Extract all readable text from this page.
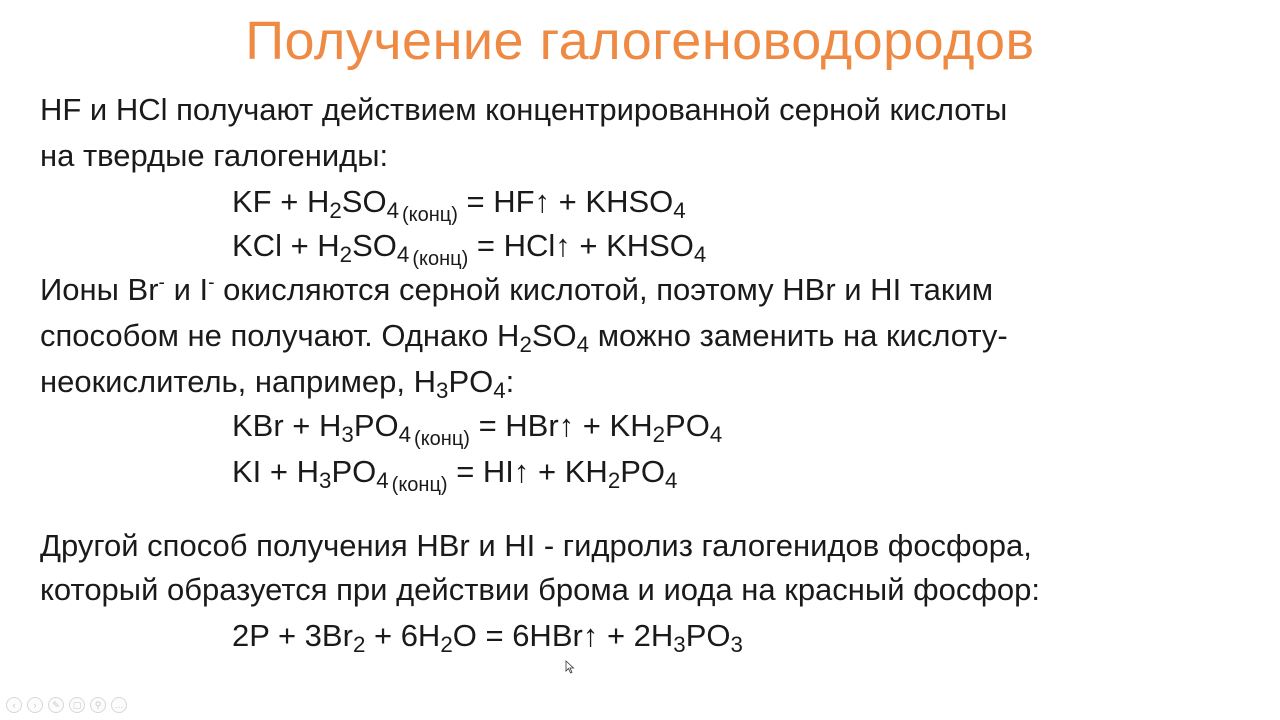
Получение галогеноводородов
HF и HCl получают действием концентрированной серной кислоты
на твердые галогениды:
KF + $H_2SO_4$ $_{(конц)}$ = HF↑ + $KHSO_4$
KCl + $H_2SO_4$ $_{(конц)}$ = HCl↑ + $KHSO_4$
Ионы Br- и I- окисляются серной кислотой, поэтому HBr и HI таким
способом не получают. Однако $H_2SO_4$ можно заменить на кислоту-
неокислитель, например, $H_3PO_4$:
KBr + $H_3PO_4$ $_{(конц)}$ = HBr↑ + $KH_2PO_4$
KI + $H_3PO_4$ $_{(конц)}$ = HI↑ + $KH_2PO_4$
Другой способ получения HBr и HI - гидролиз галогенидов фосфора,
который образуется при действии брома и иода на красный фосфор:
$2P + 3Br_2 + 6H_2O$ = 6HBr↑ + $2H_3PO_3$
‹	›	✎	▢	⚲	…
